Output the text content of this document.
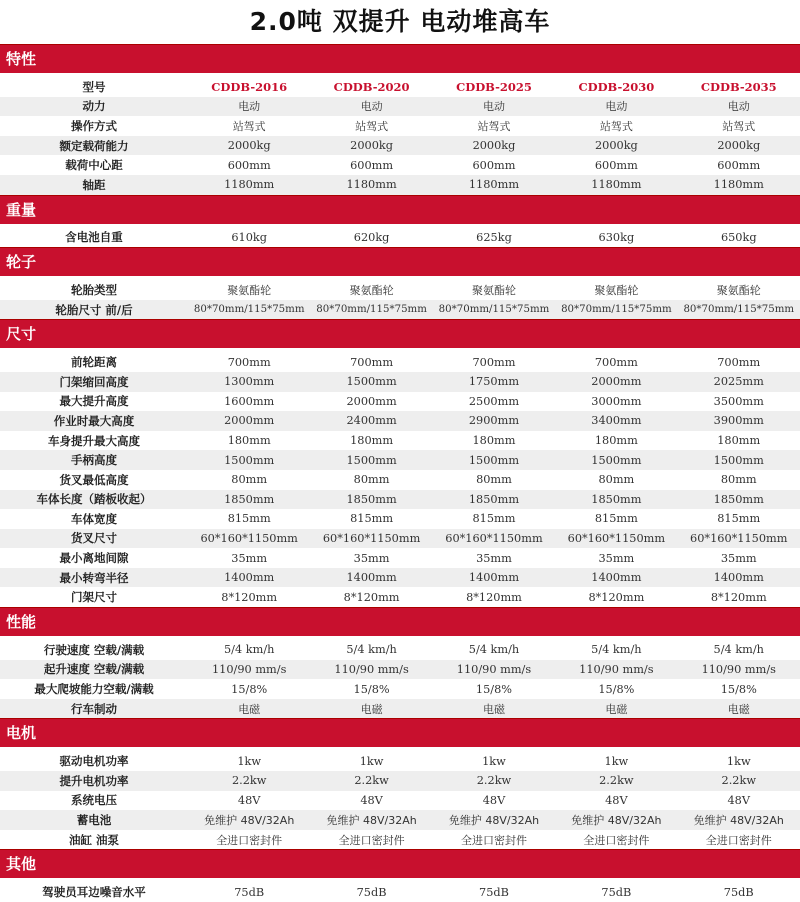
2.0吨 双提升 电动堆高车
特性
型号	CDDB-2016	CDDB-2020	CDDB-2025	CDDB-2030	CDDB-2035
动力	电动	电动	电动	电动	电动
操作方式	站驾式	站驾式	站驾式	站驾式	站驾式
额定载荷能力	2000kg	2000kg	2000kg	2000kg	2000kg
载荷中心距	600mm	600mm	600mm	600mm	600mm
轴距	1180mm	1180mm	1180mm	1180mm	1180mm
重量
含电池自重	610kg	620kg	625kg	630kg	650kg
轮子
轮胎类型	聚氨酯轮	聚氨酯轮	聚氨酯轮	聚氨酯轮	聚氨酯轮
轮胎尺寸 前/后	80*70mm/115*75mm	80*70mm/115*75mm	80*70mm/115*75mm	80*70mm/115*75mm	80*70mm/115*75mm
尺寸
前轮距离	700mm	700mm	700mm	700mm	700mm
门架缩回高度	1300mm	1500mm	1750mm	2000mm	2025mm
最大提升高度	1600mm	2000mm	2500mm	3000mm	3500mm
作业时最大高度	2000mm	2400mm	2900mm	3400mm	3900mm
车身提升最大高度	180mm	180mm	180mm	180mm	180mm
手柄高度	1500mm	1500mm	1500mm	1500mm	1500mm
货叉最低高度	80mm	80mm	80mm	80mm	80mm
车体长度（踏板收起）	1850mm	1850mm	1850mm	1850mm	1850mm
车体宽度	815mm	815mm	815mm	815mm	815mm
货叉尺寸	60*160*1150mm	60*160*1150mm	60*160*1150mm	60*160*1150mm	60*160*1150mm
最小离地间隙	35mm	35mm	35mm	35mm	35mm
最小转弯半径	1400mm	1400mm	1400mm	1400mm	1400mm
门架尺寸	8*120mm	8*120mm	8*120mm	8*120mm	8*120mm
性能
行驶速度 空载/满载	5/4 km/h	5/4 km/h	5/4 km/h	5/4 km/h	5/4 km/h
起升速度 空载/满载	110/90 mm/s	110/90 mm/s	110/90 mm/s	110/90 mm/s	110/90 mm/s
最大爬坡能力空载/满载	15/8%	15/8%	15/8%	15/8%	15/8%
行车制动	电磁	电磁	电磁	电磁	电磁
电机
驱动电机功率	1kw	1kw	1kw	1kw	1kw
提升电机功率	2.2kw	2.2kw	2.2kw	2.2kw	2.2kw
系统电压	48V	48V	48V	48V	48V
蓄电池	免维护 48V/32Ah	免维护 48V/32Ah	免维护 48V/32Ah	免维护 48V/32Ah	免维护 48V/32Ah
油缸 油泵	全进口密封件	全进口密封件	全进口密封件	全进口密封件	全进口密封件
其他
驾驶员耳边噪音水平	75dB	75dB	75dB	75dB	75dB
